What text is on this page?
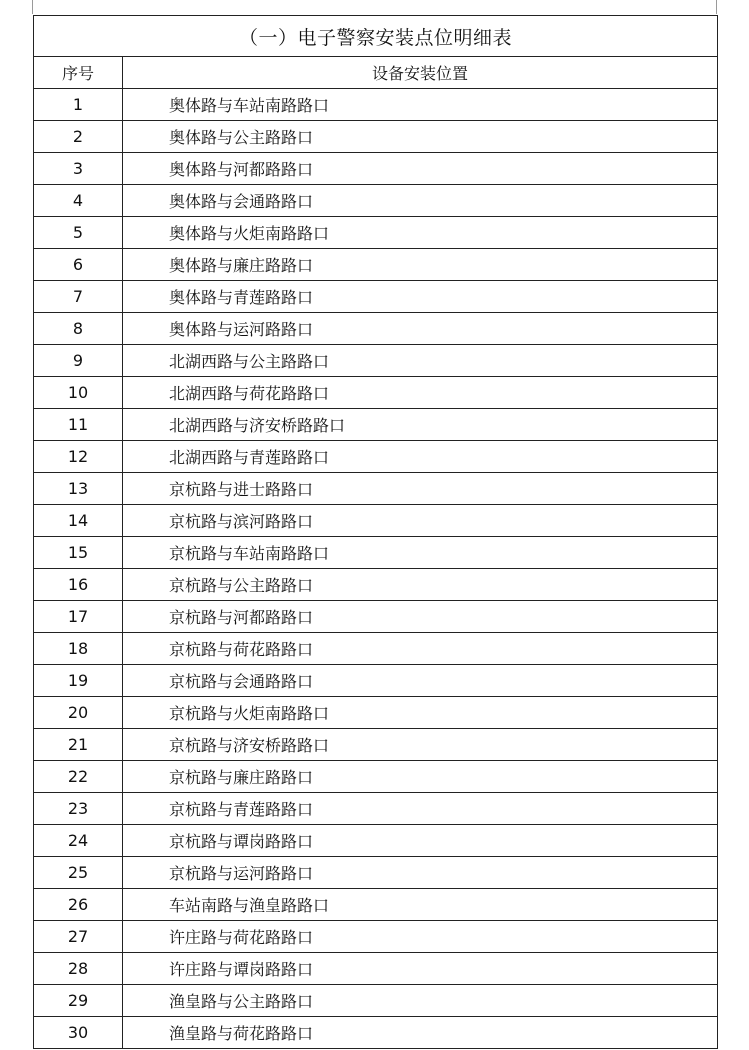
（一）电子警察安装点位明细表	
序号	设备安装位置
1	奥体路与车站南路路口
2	奥体路与公主路路口
3	奥体路与河都路路口
4	奥体路与会通路路口
5	奥体路与火炬南路路口
6	奥体路与廉庄路路口
7	奥体路与青莲路路口
8	奥体路与运河路路口
9	北湖西路与公主路路口
10	北湖西路与荷花路路口
11	北湖西路与济安桥路路口
12	北湖西路与青莲路路口
13	京杭路与进士路路口
14	京杭路与滨河路路口
15	京杭路与车站南路路口
16	京杭路与公主路路口
17	京杭路与河都路路口
18	京杭路与荷花路路口
19	京杭路与会通路路口
20	京杭路与火炬南路路口
21	京杭路与济安桥路路口
22	京杭路与廉庄路路口
23	京杭路与青莲路路口
24	京杭路与谭岗路路口
25	京杭路与运河路路口
26	车站南路与渔皇路路口
27	许庄路与荷花路路口
28	许庄路与谭岗路路口
29	渔皇路与公主路路口
30	渔皇路与荷花路路口
